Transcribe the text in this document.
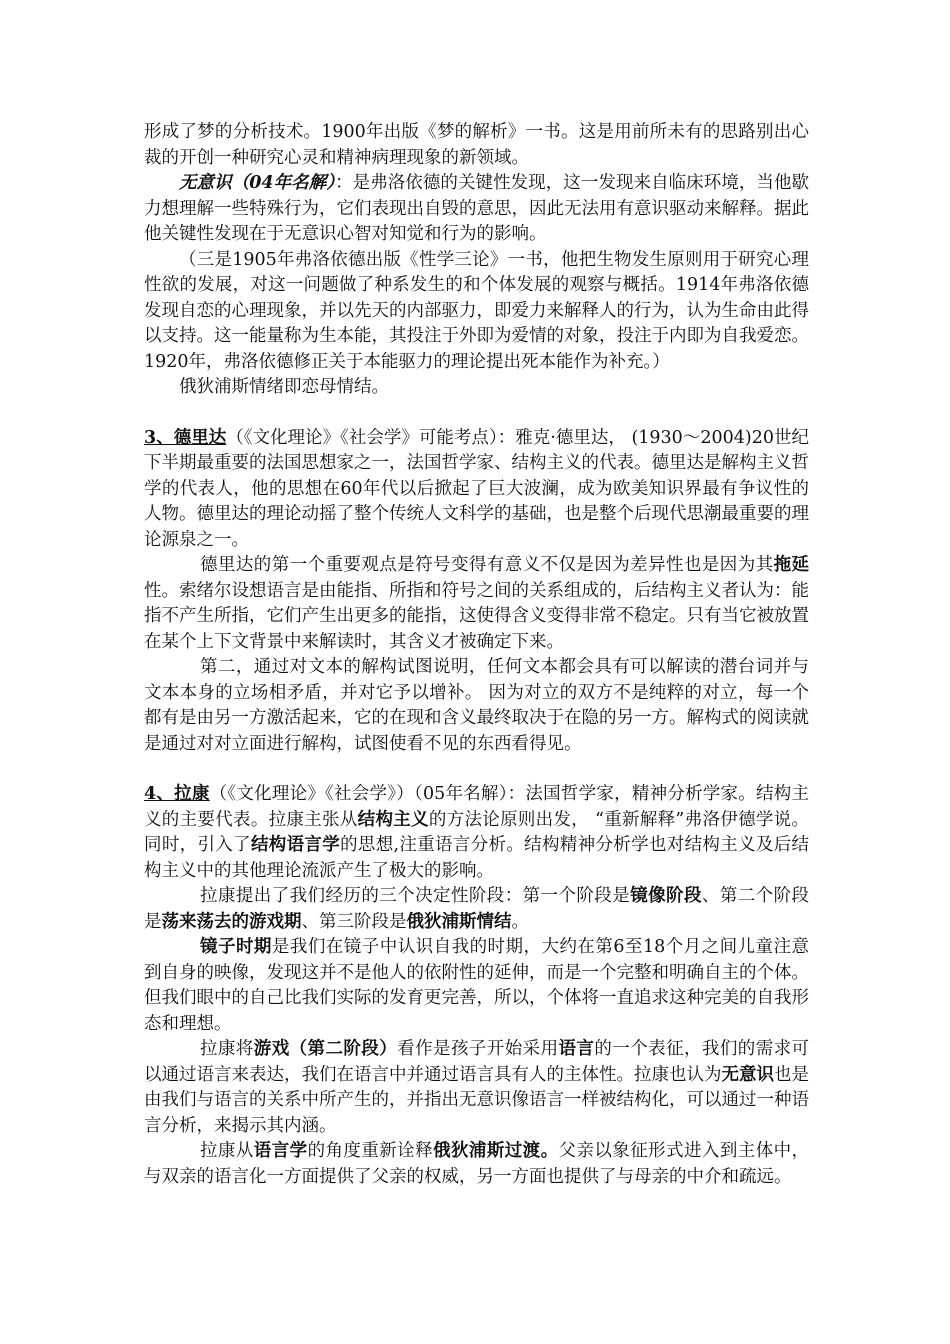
形成了梦的分析技术。1900年出版《梦的解析》一书。这是用前所未有的思路别出心裁的开创一种研究心灵和精神病理现象的新领域。

无意识（04年名解）：是弗洛依德的关键性发现，这一发现来自临床环境，当他歇力想理解一些特殊行为，它们表现出自毁的意思，因此无法用有意识驱动来解释。据此他关键性发现在于无意识心智对知觉和行为的影响。

（三是1905年弗洛依德出版《性学三论》一书，他把生物发生原则用于研究心理性欲的发展，对这一问题做了种系发生的和个体发展的观察与概括。1914年弗洛依德发现自恋的心理现象，并以先天的内部驱力，即爱力来解释人的行为，认为生命由此得以支持。这一能量称为生本能，其投注于外即为爱情的对象，投注于内即为自我爱恋。1920年，弗洛依德修正关于本能驱力的理论提出死本能作为补充。）

俄狄浦斯情绪即恋母情结。

3、德里达（《文化理论》《社会学》可能考点）：雅克·德里达， (1930～2004)20世纪下半期最重要的法国思想家之一，法国哲学家、结构主义的代表。德里达是解构主义哲学的代表人，他的思想在60年代以后掀起了巨大波澜，成为欧美知识界最有争议性的人物。德里达的理论动摇了整个传统人文科学的基础，也是整个后现代思潮最重要的理论源泉之一。

德里达的第一个重要观点是符号变得有意义不仅是因为差异性也是因为其拖延性。索绪尔设想语言是由能指、所指和符号之间的关系组成的，后结构主义者认为：能指不产生所指，它们产生出更多的能指，这使得含义变得非常不稳定。只有当它被放置在某个上下文背景中来解读时，其含义才被确定下来。

第二，通过对文本的解构试图说明，任何文本都会具有可以解读的潜台词并与文本本身的立场相矛盾，并对它予以增补。 因为对立的双方不是纯粹的对立，每一个都有是由另一方激活起来，它的在现和含义最终取决于在隐的另一方。解构式的阅读就是通过对对立面进行解构，试图使看不见的东西看得见。

4、拉康（《文化理论》《社会学》）（05年名解）：法国哲学家，精神分析学家。结构主义的主要代表。拉康主张从结构主义的方法论原则出发， “重新解释”弗洛伊德学说。同时，引入了结构语言学的思想,注重语言分析。结构精神分析学也对结构主义及后结构主义中的其他理论流派产生了极大的影响。

拉康提出了我们经历的三个决定性阶段：第一个阶段是镜像阶段、第二个阶段是荡来荡去的游戏期、第三阶段是俄狄浦斯情结。

镜子时期是我们在镜子中认识自我的时期，大约在第6至18个月之间儿童注意到自身的映像，发现这并不是他人的依附性的延伸，而是一个完整和明确自主的个体。但我们眼中的自己比我们实际的发育更完善，所以，个体将一直追求这种完美的自我形态和理想。

拉康将游戏（第二阶段）看作是孩子开始采用语言的一个表征，我们的需求可以通过语言来表达，我们在语言中并通过语言具有人的主体性。拉康也认为无意识也是由我们与语言的关系中所产生的，并指出无意识像语言一样被结构化，可以通过一种语言分析，来揭示其内涵。

拉康从语言学的角度重新诠释俄狄浦斯过渡。父亲以象征形式进入到主体中，与双亲的语言化一方面提供了父亲的权威，另一方面也提供了与母亲的中介和疏远。
